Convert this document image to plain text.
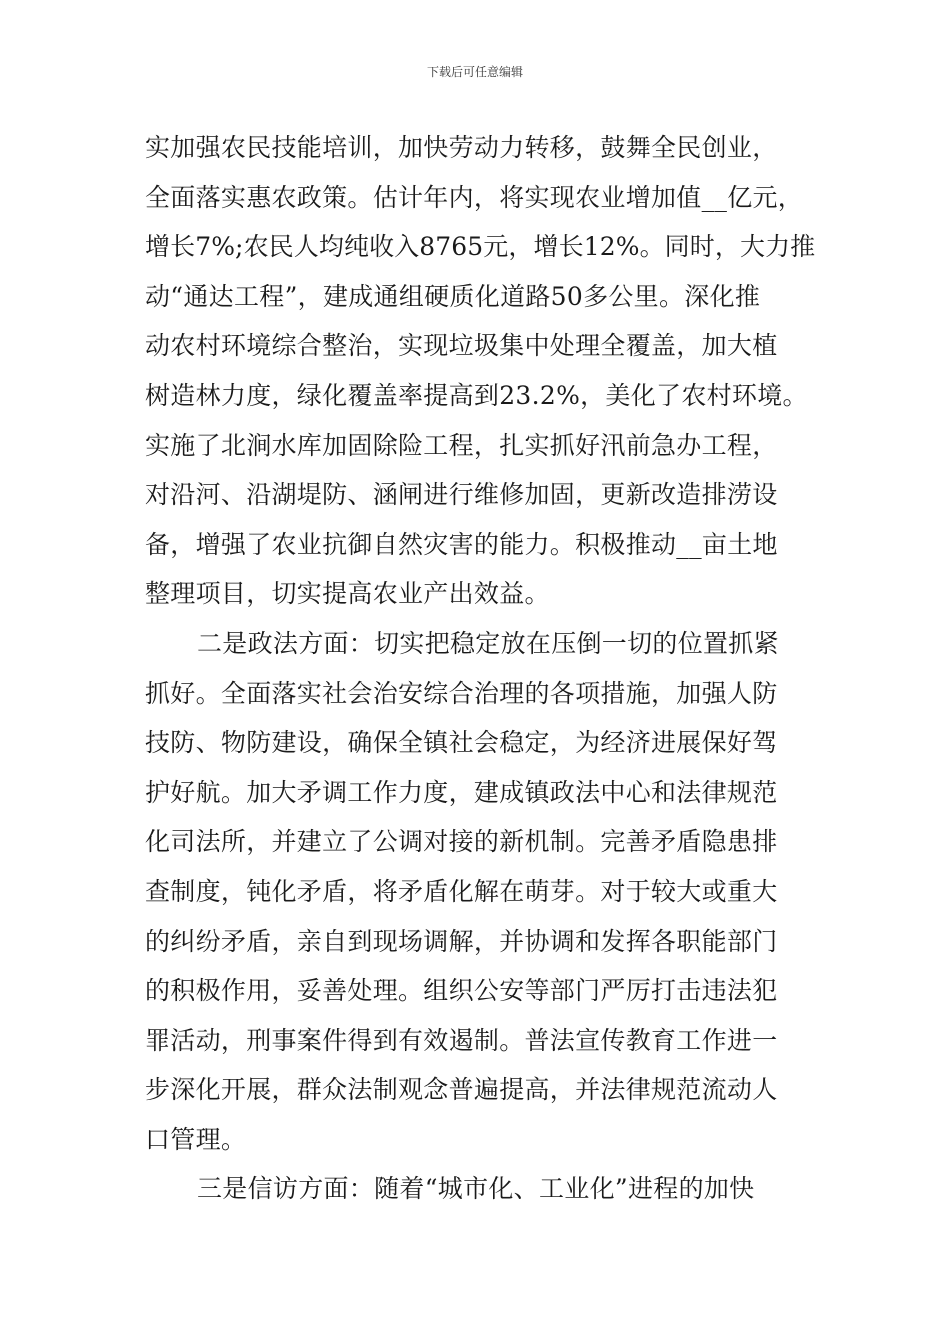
下载后可任意编辑
实加强农民技能培训，加快劳动力转移，鼓舞全民创业，
全面落实惠农政策。估计年内，将实现农业增加值__亿元，
增长7%;农民人均纯收入8765元，增长12%。同时，大力推
动“通达工程”，建成通组硬质化道路50多公里。深化推
动农村环境综合整治，实现垃圾集中处理全覆盖，加大植
树造林力度，绿化覆盖率提高到23.2%，美化了农村环境。
实施了北涧水库加固除险工程，扎实抓好汛前急办工程，
对沿河、沿湖堤防、涵闸进行维修加固，更新改造排涝设
备，增强了农业抗御自然灾害的能力。积极推动__亩土地
整理项目，切实提高农业产出效益。
二是政法方面：切实把稳定放在压倒一切的位置抓紧
抓好。全面落实社会治安综合治理的各项措施，加强人防
技防、物防建设，确保全镇社会稳定，为经济进展保好驾
护好航。加大矛调工作力度，建成镇政法中心和法律规范
化司法所，并建立了公调对接的新机制。完善矛盾隐患排
查制度，钝化矛盾，将矛盾化解在萌芽。对于较大或重大
的纠纷矛盾，亲自到现场调解，并协调和发挥各职能部门
的积极作用，妥善处理。组织公安等部门严厉打击违法犯
罪活动，刑事案件得到有效遏制。普法宣传教育工作进一
步深化开展，群众法制观念普遍提高，并法律规范流动人
口管理。
三是信访方面：随着“城市化、工业化”进程的加快
